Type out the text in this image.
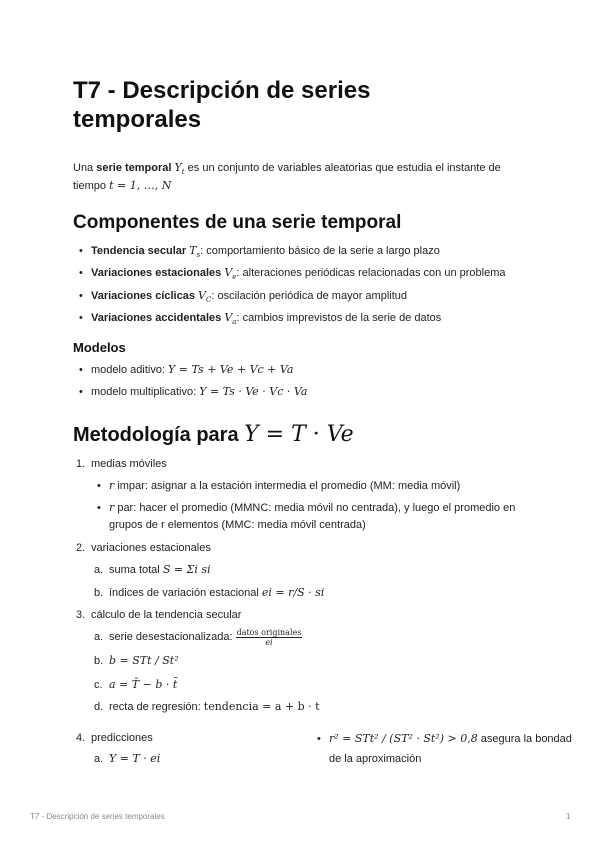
T7 - Descripción de series temporales
Una serie temporal $Y_t$ es un conjunto de variables aleatorias que estudia el instante de
tiempo t = 1, …, N
Componentes de una serie temporal
• Tendencia secular $T_s$: comportamiento básico de la serie a largo plazo
• Variaciones estacionales $V_e$: alteraciones periódicas relacionadas con un problema
• Variaciones cíclicas $V_C$: oscilación periódica de mayor amplitud
• Variaciones accidentales $V_a$: cambios imprevistos de la serie de datos
Modelos
• modelo aditivo: Y = Ts + Ve + Vc + Va
• modelo multiplicativo: Y = Ts · Ve · Vc · Va
Metodología para Y = T · Ve
1. medias móviles
• r impar: asignar a la estación intermedia el promedio (MM: media móvil)
• r par: hacer el promedio (MMNC: media móvil no centrada), y luego el promedio en
grupos de r elementos (MMC: media móvil centrada)
2. variaciones estacionales
a. suma total S = Σi si
b. índices de variación estacional ei = r/S · si
3. cálculo de la tendencia secular
a. serie desestacionalizada: $\frac{\text{datos originales}}{ei}$
b. b = STt / St²
c. a = T̄ − b · t̄
d. recta de regresión: tendencia = a + b · t
4. predicciones
a. Y = T · ei
• r² = STt² / (ST² · St²) > 0,8 asegura la bondad
de la aproximación
T7 - Descripción de series temporales	1
